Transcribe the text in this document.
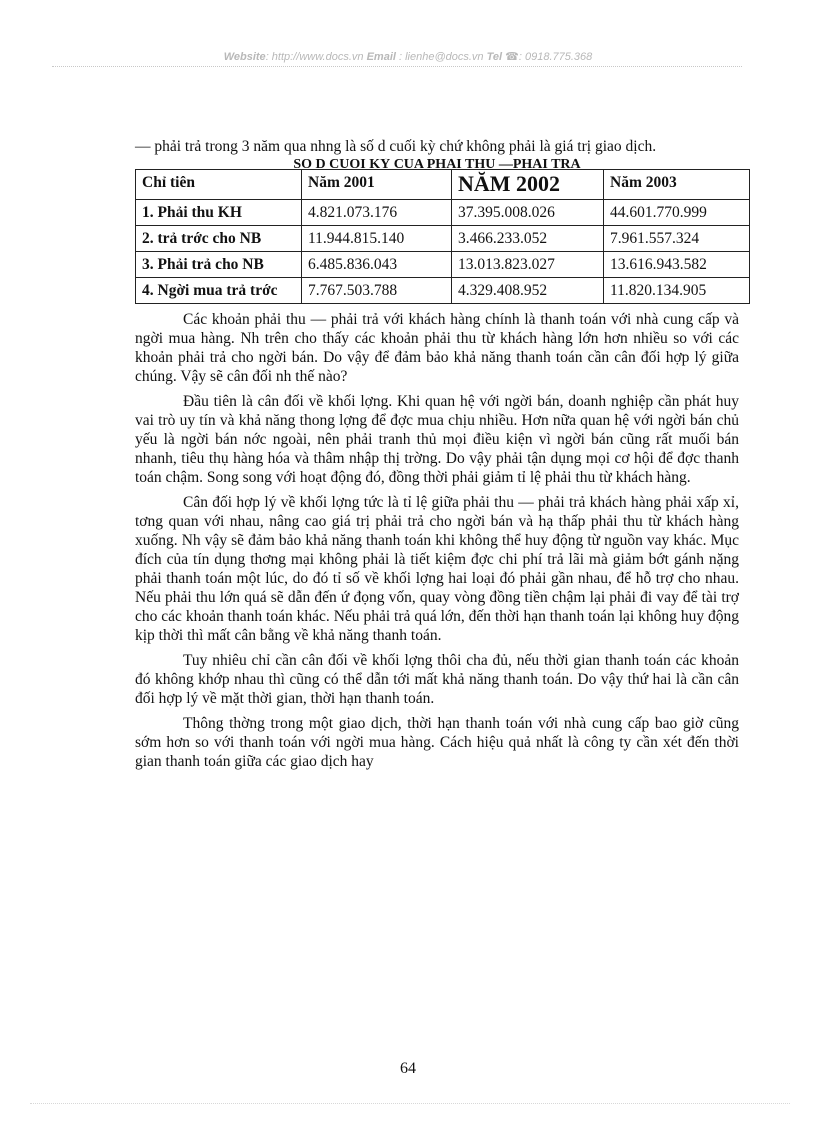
Website: http://www.docs.vn Email : lienhe@docs.vn Tel ☎: 0918.775.368

— phải trả trong 3 năm qua nhng là số d cuối kỳ chứ không phải là giá trị giao dịch.

SỐ D CUỐI KỲ CỦA PHẢI THU —PHẢI TRẢ
Chỉ tiên	Năm 2001	NĂM 2002	Năm 2003
1. Phải thu KH	4.821.073.176	37.395.008.026	44.601.770.999
2. trả trớc cho NB	11.944.815.140	3.466.233.052	7.961.557.324
3. Phải trả cho NB	6.485.836.043	13.013.823.027	13.616.943.582
4. Ngời mua trả trớc	7.767.503.788	4.329.408.952	11.820.134.905

Các khoản phải thu — phải trả với khách hàng chính là thanh toán với nhà cung cấp và ngời mua hàng. Nh trên cho thấy các khoản phải thu từ khách hàng lớn hơn nhiều so với các khoản phải trả cho ngời bán. Do vậy để đảm bảo khả năng thanh toán cần cân đối hợp lý giữa chúng. Vậy sẽ cân đối nh thế nào?

Đầu tiên là cân đối về khối lợng. Khi quan hệ với ngời bán, doanh nghiệp cần phát huy vai trò uy tín và khả năng thong lợng để đợc mua chịu nhiều. Hơn nữa quan hệ với ngời bán chủ yếu là ngời bán nớc ngoài, nên phải tranh thủ mọi điều kiện vì ngời bán cũng rất muối bán nhanh, tiêu thụ hàng hóa và thâm nhập thị trờng. Do vậy phải tận dụng mọi cơ hội để đợc thanh toán chậm. Song song với hoạt động đó, đồng thời phải giảm tỉ lệ phải thu từ khách hàng.

Cân đối hợp lý về khối lợng tức là tỉ lệ giữa phải thu — phải trả khách hàng phải xấp xỉ, tơng quan với nhau, nâng cao giá trị phải trả cho ngời bán và hạ thấp phải thu từ khách hàng xuống. Nh vậy sẽ đảm bảo khả năng thanh toán khi không thể huy động từ nguồn vay khác. Mục đích của tín dụng thơng mại không phải là tiết kiệm đợc chi phí trả lãi mà giảm bớt gánh nặng phải thanh toán một lúc, do đó tỉ số về khối lợng hai loại đó phải gần nhau, để hỗ trợ cho nhau. Nếu phải thu lớn quá sẽ dẫn đến ứ đọng vốn, quay vòng đồng tiền chậm lại phải đi vay để tài trợ cho các khoản thanh toán khác. Nếu phải trả quá lớn, đến thời hạn thanh toán lại không huy động kịp thời thì mất cân bằng về khả năng thanh toán.

Tuy nhiêu chỉ cần cân đối về khối lợng thôi cha đủ, nếu thời gian thanh toán các khoản đó không khớp nhau thì cũng có thể dẫn tới mất khả năng thanh toán. Do vậy thứ hai là cần cân đối hợp lý về mặt thời gian, thời hạn thanh toán.

Thông thờng trong một giao dịch, thời hạn thanh toán với nhà cung cấp bao giờ cũng sớm hơn so với thanh toán với ngời mua hàng. Cách hiệu quả nhất là công ty cần xét đến thời gian thanh toán giữa các giao dịch hay

64
